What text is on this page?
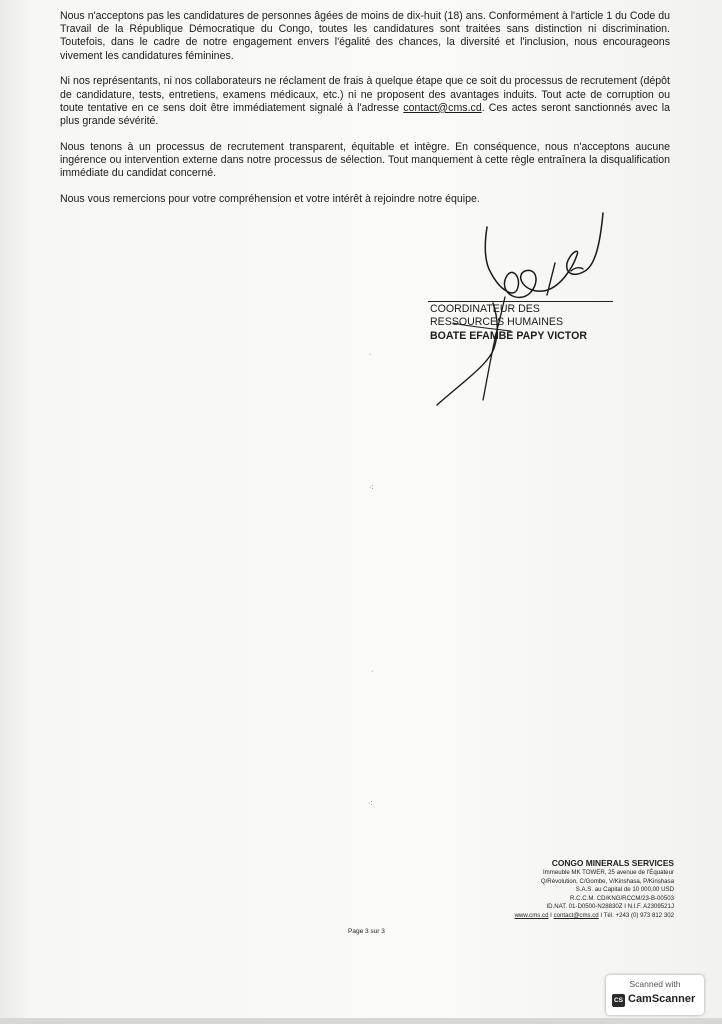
Nous n'acceptons pas les candidatures de personnes âgées de moins de dix-huit (18) ans. Conformément à l'article 1 du Code du Travail de la République Démocratique du Congo, toutes les candidatures sont traitées sans distinction ni discrimination. Toutefois, dans le cadre de notre engagement envers l'égalité des chances, la diversité et l'inclusion, nous encourageons vivement les candidatures féminines.

Ni nos représentants, ni nos collaborateurs ne réclament de frais à quelque étape que ce soit du processus de recrutement (dépôt de candidature, tests, entretiens, examens médicaux, etc.) ni ne proposent des avantages induits. Tout acte de corruption ou toute tentative en ce sens doit être immédiatement signalé à l'adresse contact@cms.cd. Ces actes seront sanctionnés avec la plus grande sévérité.

Nous tenons à un processus de recrutement transparent, équitable et intègre. En conséquence, nous n'acceptons aucune ingérence ou intervention externe dans notre processus de sélection. Tout manquement à cette règle entraînera la disqualification immédiate du candidat concerné.

Nous vous remercions pour votre compréhension et votre intérêt à rejoindre notre équipe.

COORDINATEUR DES
RESSOURCES HUMAINES
BOATE EFAMBE PAPY VICTOR
·
·:
·
·:
CONGO MINERALS SERVICES
Immeuble MK TOWER, 25 avenue de l'Équateur
Q/Révolution, C/Gombe, V/Kinshasa, P/Kinshasa
S.A.S. au Capital de 10 000,00 USD
R.C.C.M. CD/KNG/RCCM/23-B-00503
ID.NAT. 01-D0500-N28830Z I N.I.F. A2309521J
www.cms.cd I contact@cms.cd I Tél. +243 (0) 973 812 302
Page 3 sur 3
Scanned with
CS CamScanner
